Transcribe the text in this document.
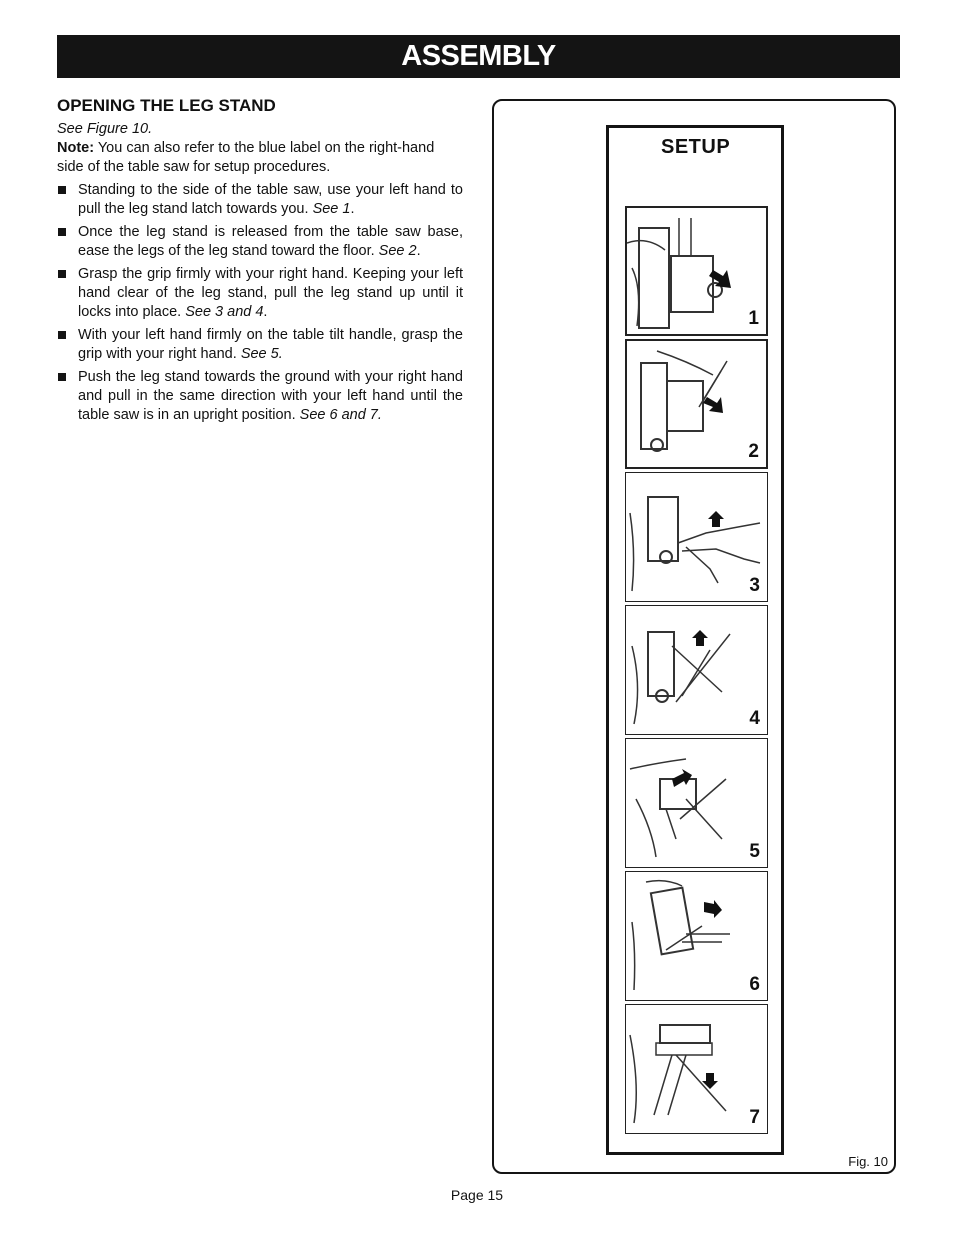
ASSEMBLY
OPENING THE LEG STAND
See Figure 10.
Note: You can also refer to the blue label on the right-hand side of the table saw for setup procedures.
Standing to the side of the table saw, use your left hand to pull the leg stand latch towards you. See 1.
Once the leg stand is released from the table saw base, ease the legs of the leg stand toward the floor. See 2.
Grasp the grip firmly with your right hand. Keeping your left hand clear of the leg stand, pull the leg stand up until it locks into place. See 3 and 4.
With your left hand firmly on the table tilt handle, grasp the grip with your right hand. See 5.
Push the leg stand towards the ground with your right hand and pull in the same direction with your left hand until the table saw is in an upright position. See 6 and 7.
SETUP
1
2
3
4
5
6
7
Fig. 10
Page 15
